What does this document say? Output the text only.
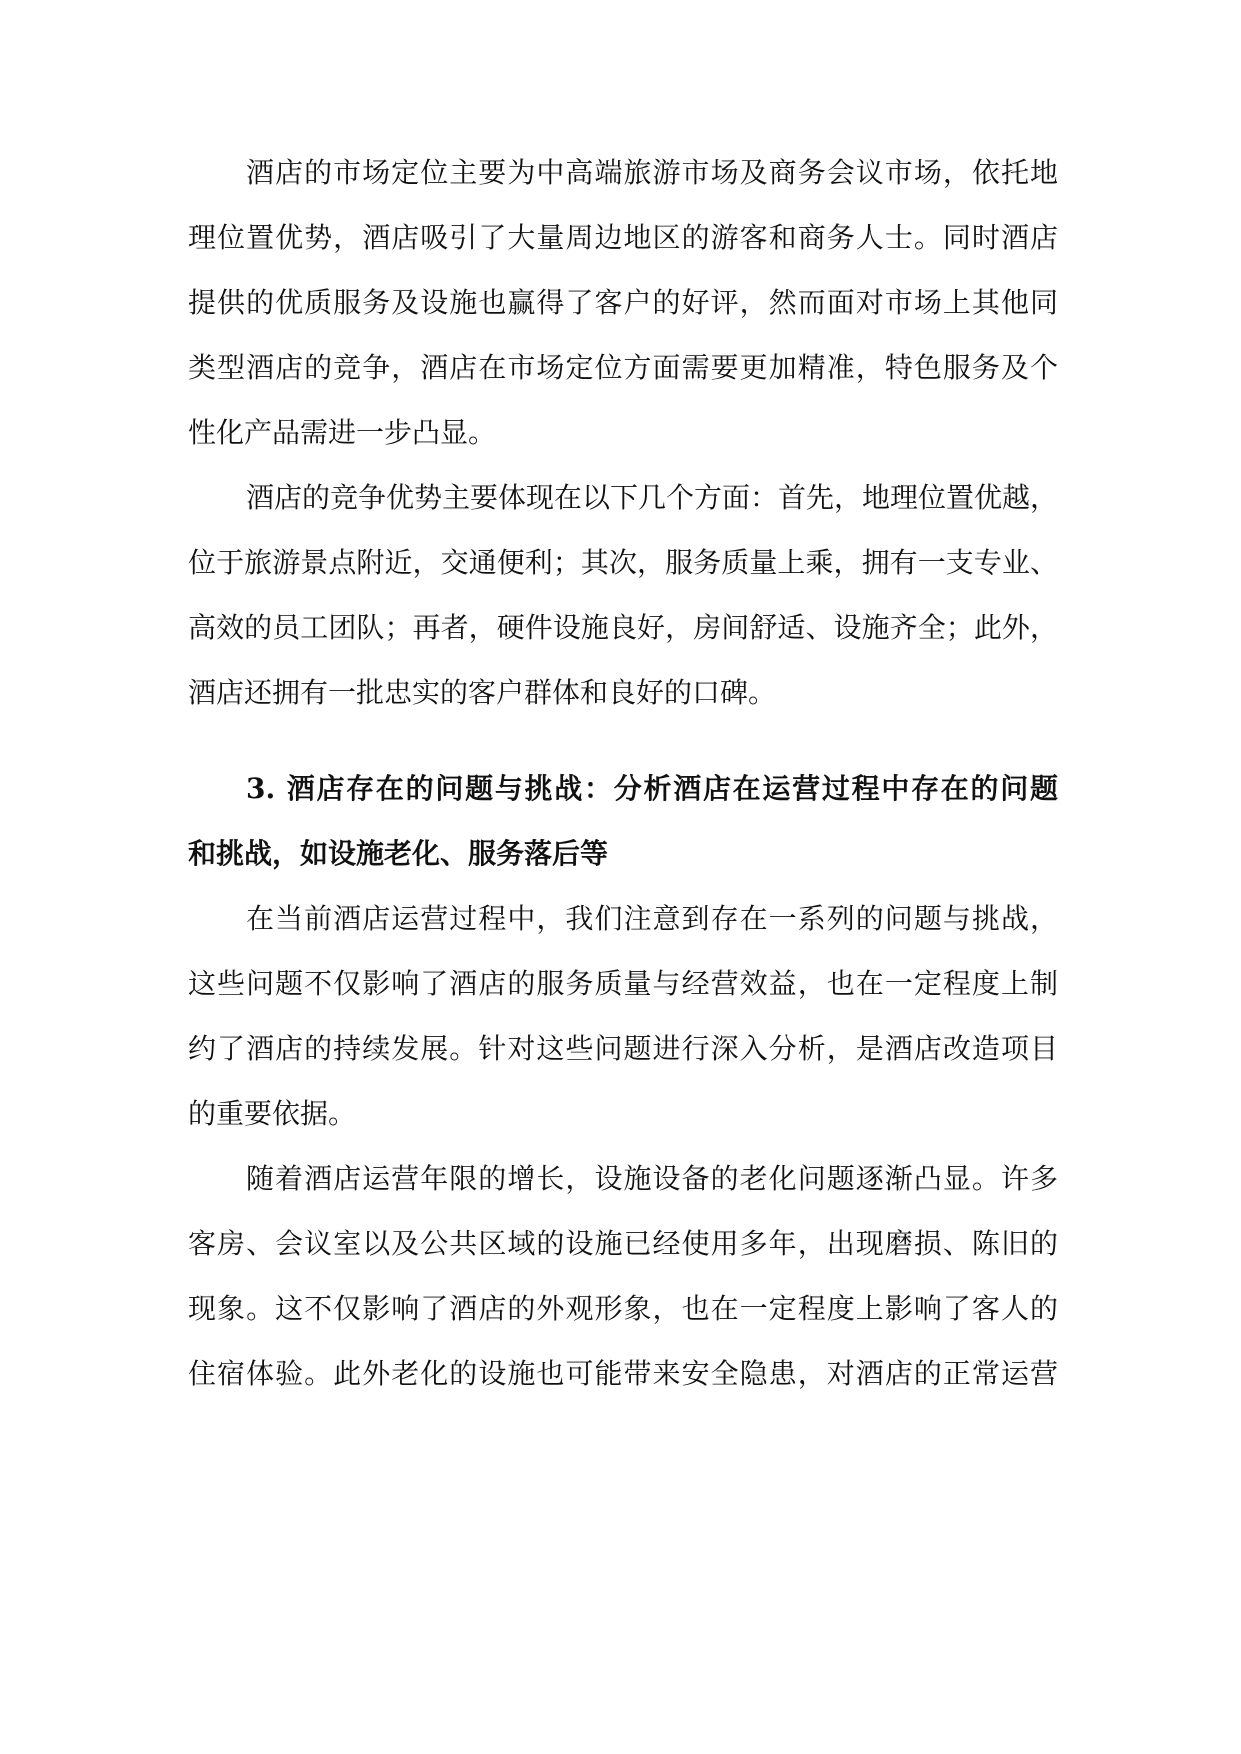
酒店的市场定位主要为中高端旅游市场及商务会议市场，依托地
理位置优势，酒店吸引了大量周边地区的游客和商务人士。同时酒店
提供的优质服务及设施也赢得了客户的好评，然而面对市场上其他同
类型酒店的竞争，酒店在市场定位方面需要更加精准，特色服务及个
性化产品需进一步凸显。
酒店的竞争优势主要体现在以下几个方面：首先，地理位置优越，
位于旅游景点附近，交通便利；其次，服务质量上乘，拥有一支专业、
高效的员工团队；再者，硬件设施良好，房间舒适、设施齐全；此外，
酒店还拥有一批忠实的客户群体和良好的口碑。
3. 酒店存在的问题与挑战：分析酒店在运营过程中存在的问题
和挑战，如设施老化、服务落后等
在当前酒店运营过程中，我们注意到存在一系列的问题与挑战，
这些问题不仅影响了酒店的服务质量与经营效益，也在一定程度上制
约了酒店的持续发展。针对这些问题进行深入分析，是酒店改造项目
的重要依据。
随着酒店运营年限的增长，设施设备的老化问题逐渐凸显。许多
客房、会议室以及公共区域的设施已经使用多年，出现磨损、陈旧的
现象。这不仅影响了酒店的外观形象，也在一定程度上影响了客人的
住宿体验。此外老化的设施也可能带来安全隐患，对酒店的正常运营
